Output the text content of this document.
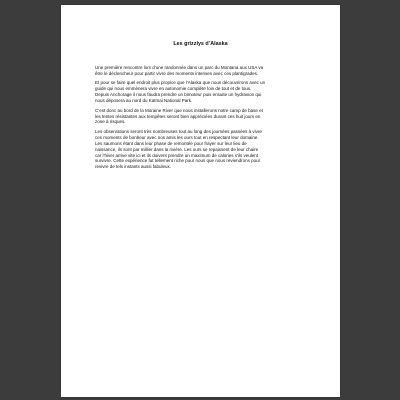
Les grizzlys d’Alaska

Une première rencontre lors d’une randonnée dans un parc du Montana aux USA va
être le déclencheur pour partir vivre des moments intenses avec ces plantigrades.

Et pour se faire quel endroit plus propice que l’Alaska que nous découvrirons avec un
guide qui nous emmènera vivre en autonomie complète loin de tout et de tous.
Depuis Anchorage il nous faudra prendre un bimoteur puis ensuite un hydravion qui
nous déposera au nord du Katmai National Park.

C’est donc au bord de la Moraine River que nous installerons notre camp de base et
les tentes résistantes aux tempêtes seront bien appréciées durant ces huit jours en
zone à risques.

Les observations seront très nombreuses tout au long des journées passées à vivre
ces moments de bonheur avec nos amis les ours tout en respectant leur domaine.
Les saumons étant dans leur phase de remontée pour frayer sur leur lieu de
naissance, ils sont par millier dans la rivière. Les ours se repaissent de leur chaire
car l’hiver arrive vite ici et ils doivent prendre un maximum de calories s’ils veulent
survivre. Cette expérience fut tellement riche pour nous que nous reviendrons pour
revivre de tels instants aussi fabuleux.
